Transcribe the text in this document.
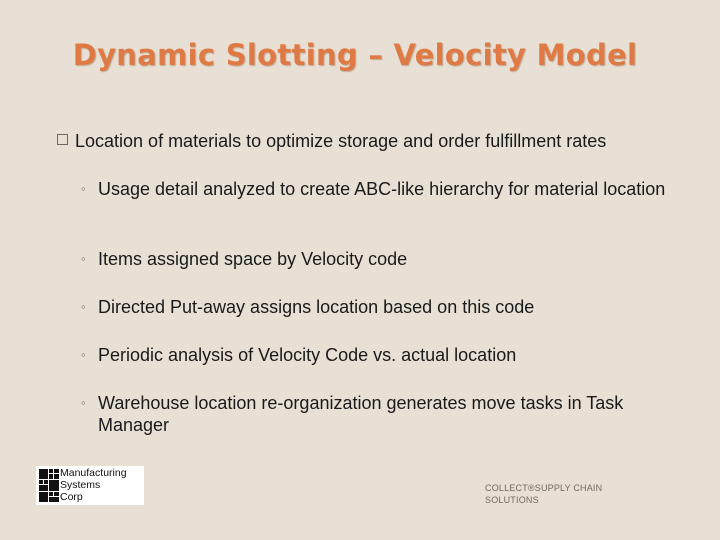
Dynamic Slotting – Velocity Model
Location of materials to optimize storage and order fulfillment rates
◦ Usage detail analyzed to create ABC-like hierarchy for material location
◦ Items assigned space by Velocity code
◦ Directed Put-away assigns location based on this code
◦ Periodic analysis of Velocity Code vs. actual location
◦ Warehouse location re-organization generates move tasks in Task Manager
Manufacturing
Systems
Corp
COLLECT®SUPPLY CHAIN
SOLUTIONS
